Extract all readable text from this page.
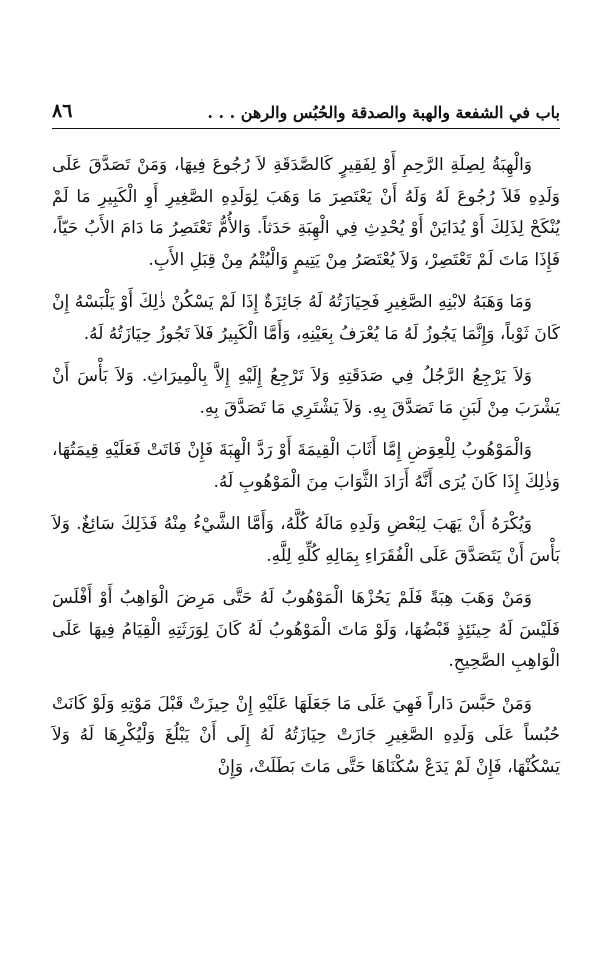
باب في الشفعة والهبة والصدقة والحُبُس والرهن . . .
٨٦

وَالْهِبَةُ لِصِلَةِ الرَّحِمِ أَوْ لِفَقِيرٍ كَالصَّدَقَةِ لاَ رُجُوعَ فِيهَا، وَمَنْ تَصَدَّقَ عَلَى وَلَدِهِ فَلاَ رُجُوعَ لَهُ وَلَهُ أَنْ يَعْتَصِرَ مَا وَهَبَ لِوَلَدِهِ الصَّغِيرِ أَوِ الْكَبِيرِ مَا لَمْ يُنْكَحْ لِذَلِكَ أَوْ يُدَايَنْ أَوْ يُحْدِثِ فِي الْهِبَةِ حَدَثاً. وَالأُمُّ تَعْتَصِرُ مَا دَامَ الأَبُ حَيّاً، فَإِذَا مَاتَ لَمْ تَعْتَصِرْ، وَلاَ يُعْتَصَرُ مِنْ يَتِيمٍ وَالْيُتْمُ مِنْ قِبَلِ الأَبِ.

وَمَا وَهَبَهُ لابْنِهِ الصَّغِيرِ فَحِيَازَتُهُ لَهُ جَائِزَةٌ إِذَا لَمْ يَسْكُنْ ذٰلِكَ أَوْ يَلْبَسْهُ إِنْ كَانَ ثَوْباً، وَإِنَّمَا يَجُوزُ لَهُ مَا يُعْرَفُ بِعَيْنِهِ، وَأَمَّا الْكَبِيرُ فَلاَ تَجُوزُ حِيَازَتُهُ لَهُ.

وَلاَ يَرْجِعُ الرَّجُلُ فِي صَدَقَتِهِ وَلاَ تَرْجِعُ إِلَيْهِ إِلاَّ بِالْمِيرَاثِ. وَلاَ بَأْسَ أَنْ يَشْرَبَ مِنْ لَبَنِ مَا تَصَدَّقَ بِهِ. وَلاَ يَشْتَرِي مَا تَصَدَّقَ بِهِ.

وَالْمَوْهُوبُ لِلْعِوَضِ إِمَّا أَثَابَ الْقِيمَةَ أَوْ رَدَّ الْهِبَةَ فَإِنْ فَاتَتْ فَعَلَيْهِ قِيمَتُهَا، وَذٰلِكَ إِذَا كَانَ يُرَى أَنَّهُ أَرَادَ الثَّوَابَ مِنَ الْمَوْهُوبِ لَهُ.

وَيُكْرَهُ أَنْ يَهَبَ لِبَعْضِ وَلَدِهِ مَالَهُ كُلَّهُ، وَأَمَّا الشَّيْءُ مِنْهُ فَذَلِكَ سَائِغٌ. وَلاَ بَأْسَ أَنْ يَتَصَدَّقَ عَلَى الْفُقَرَاءِ بِمَالِهِ كُلِّهِ لِلَّهِ.

وَمَنْ وَهَبَ هِبَةً فَلَمْ يَحُزْهَا الْمَوْهُوبُ لَهُ حَتَّى مَرِضَ الْوَاهِبُ أَوْ أَفْلَسَ فَلَيْسَ لَهُ حِينَئِذٍ قَبْضُهَا، وَلَوْ مَاتَ الْمَوْهُوبُ لَهُ كَانَ لِوَرَثَتِهِ الْقِيَامُ فِيهَا عَلَى الْوَاهِبِ الصَّحِيحِ.

وَمَنْ حَبَّسَ دَاراً فَهِيَ عَلَى مَا جَعَلَهَا عَلَيْهِ إِنْ حِيزَتْ قَبْلَ مَوْتِهِ وَلَوْ كَانَتْ حُبُساً عَلَى وَلَدِهِ الصَّغِيرِ جَازَتْ حِيَازَتُهُ لَهُ إِلَى أَنْ يَبْلُغَ وَلْيُكْرِهَا لَهُ وَلاَ يَسْكُنْهَا، فَإِنْ لَمْ يَدَعْ سُكْنَاهَا حَتَّى مَاتَ بَطَلَتْ، وَإِنْ
